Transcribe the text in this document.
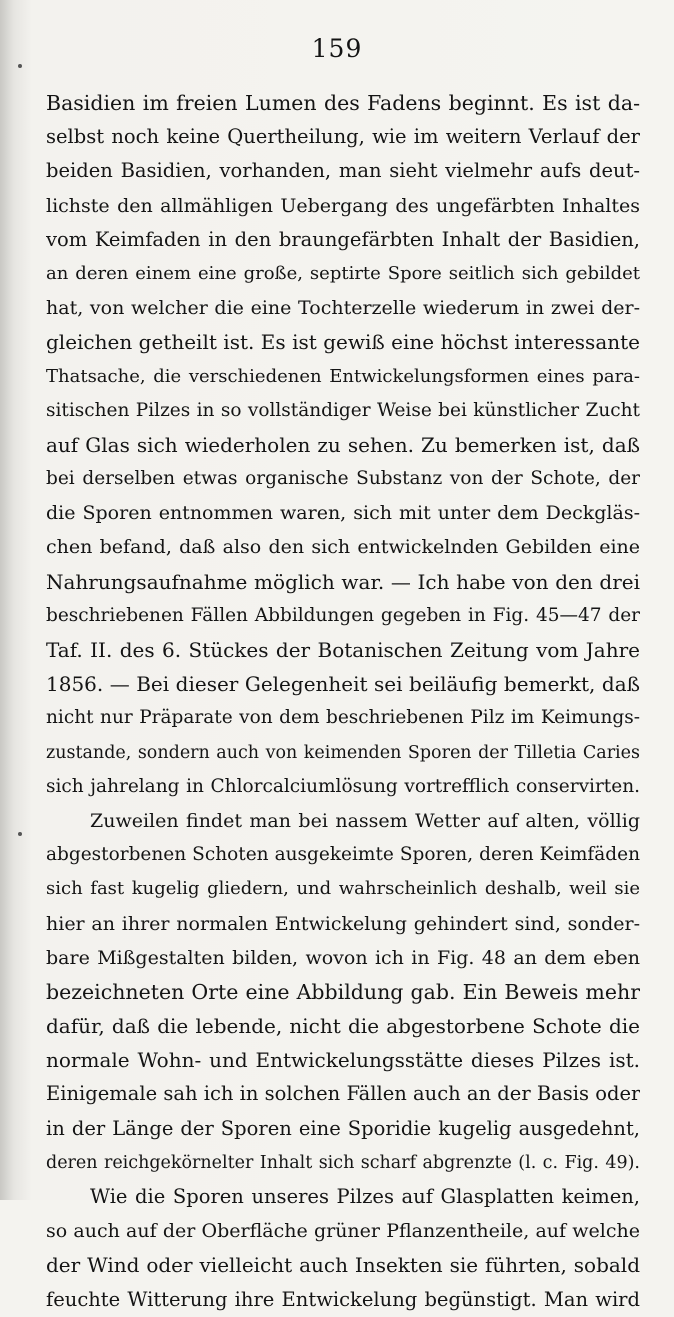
159
Basidien im freien Lumen des Fadens beginnt. Es ist da-
selbst noch keine Quertheilung, wie im weitern Verlauf der
beiden Basidien, vorhanden, man sieht vielmehr aufs deut-
lichste den allmähligen Uebergang des ungefärbten Inhaltes
vom Keimfaden in den braungefärbten Inhalt der Basidien,
an deren einem eine große, septirte Spore seitlich sich gebildet
hat, von welcher die eine Tochterzelle wiederum in zwei der-
gleichen getheilt ist. Es ist gewiß eine höchst interessante
Thatsache, die verschiedenen Entwickelungsformen eines para-
sitischen Pilzes in so vollständiger Weise bei künstlicher Zucht
auf Glas sich wiederholen zu sehen. Zu bemerken ist, daß
bei derselben etwas organische Substanz von der Schote, der
die Sporen entnommen waren, sich mit unter dem Deckgläs-
chen befand, daß also den sich entwickelnden Gebilden eine
Nahrungsaufnahme möglich war. — Ich habe von den drei
beschriebenen Fällen Abbildungen gegeben in Fig. 45—47 der
Taf. II. des 6. Stückes der Botanischen Zeitung vom Jahre
1856. — Bei dieser Gelegenheit sei beiläufig bemerkt, daß
nicht nur Präparate von dem beschriebenen Pilz im Keimungs-
zustande, sondern auch von keimenden Sporen der Tilletia Caries
sich jahrelang in Chlorcalciumlösung vortrefflich conservirten.
Zuweilen findet man bei nassem Wetter auf alten, völlig
abgestorbenen Schoten ausgekeimte Sporen, deren Keimfäden
sich fast kugelig gliedern, und wahrscheinlich deshalb, weil sie
hier an ihrer normalen Entwickelung gehindert sind, sonder-
bare Mißgestalten bilden, wovon ich in Fig. 48 an dem eben
bezeichneten Orte eine Abbildung gab. Ein Beweis mehr
dafür, daß die lebende, nicht die abgestorbene Schote die
normale Wohn- und Entwickelungsstätte dieses Pilzes ist.
Einigemale sah ich in solchen Fällen auch an der Basis oder
in der Länge der Sporen eine Sporidie kugelig ausgedehnt,
deren reichgekörnelter Inhalt sich scharf abgrenzte (l. c. Fig. 49).
Wie die Sporen unseres Pilzes auf Glasplatten keimen,
so auch auf der Oberfläche grüner Pflanzentheile, auf welche
der Wind oder vielleicht auch Insekten sie führten, sobald
feuchte Witterung ihre Entwickelung begünstigt. Man wird
